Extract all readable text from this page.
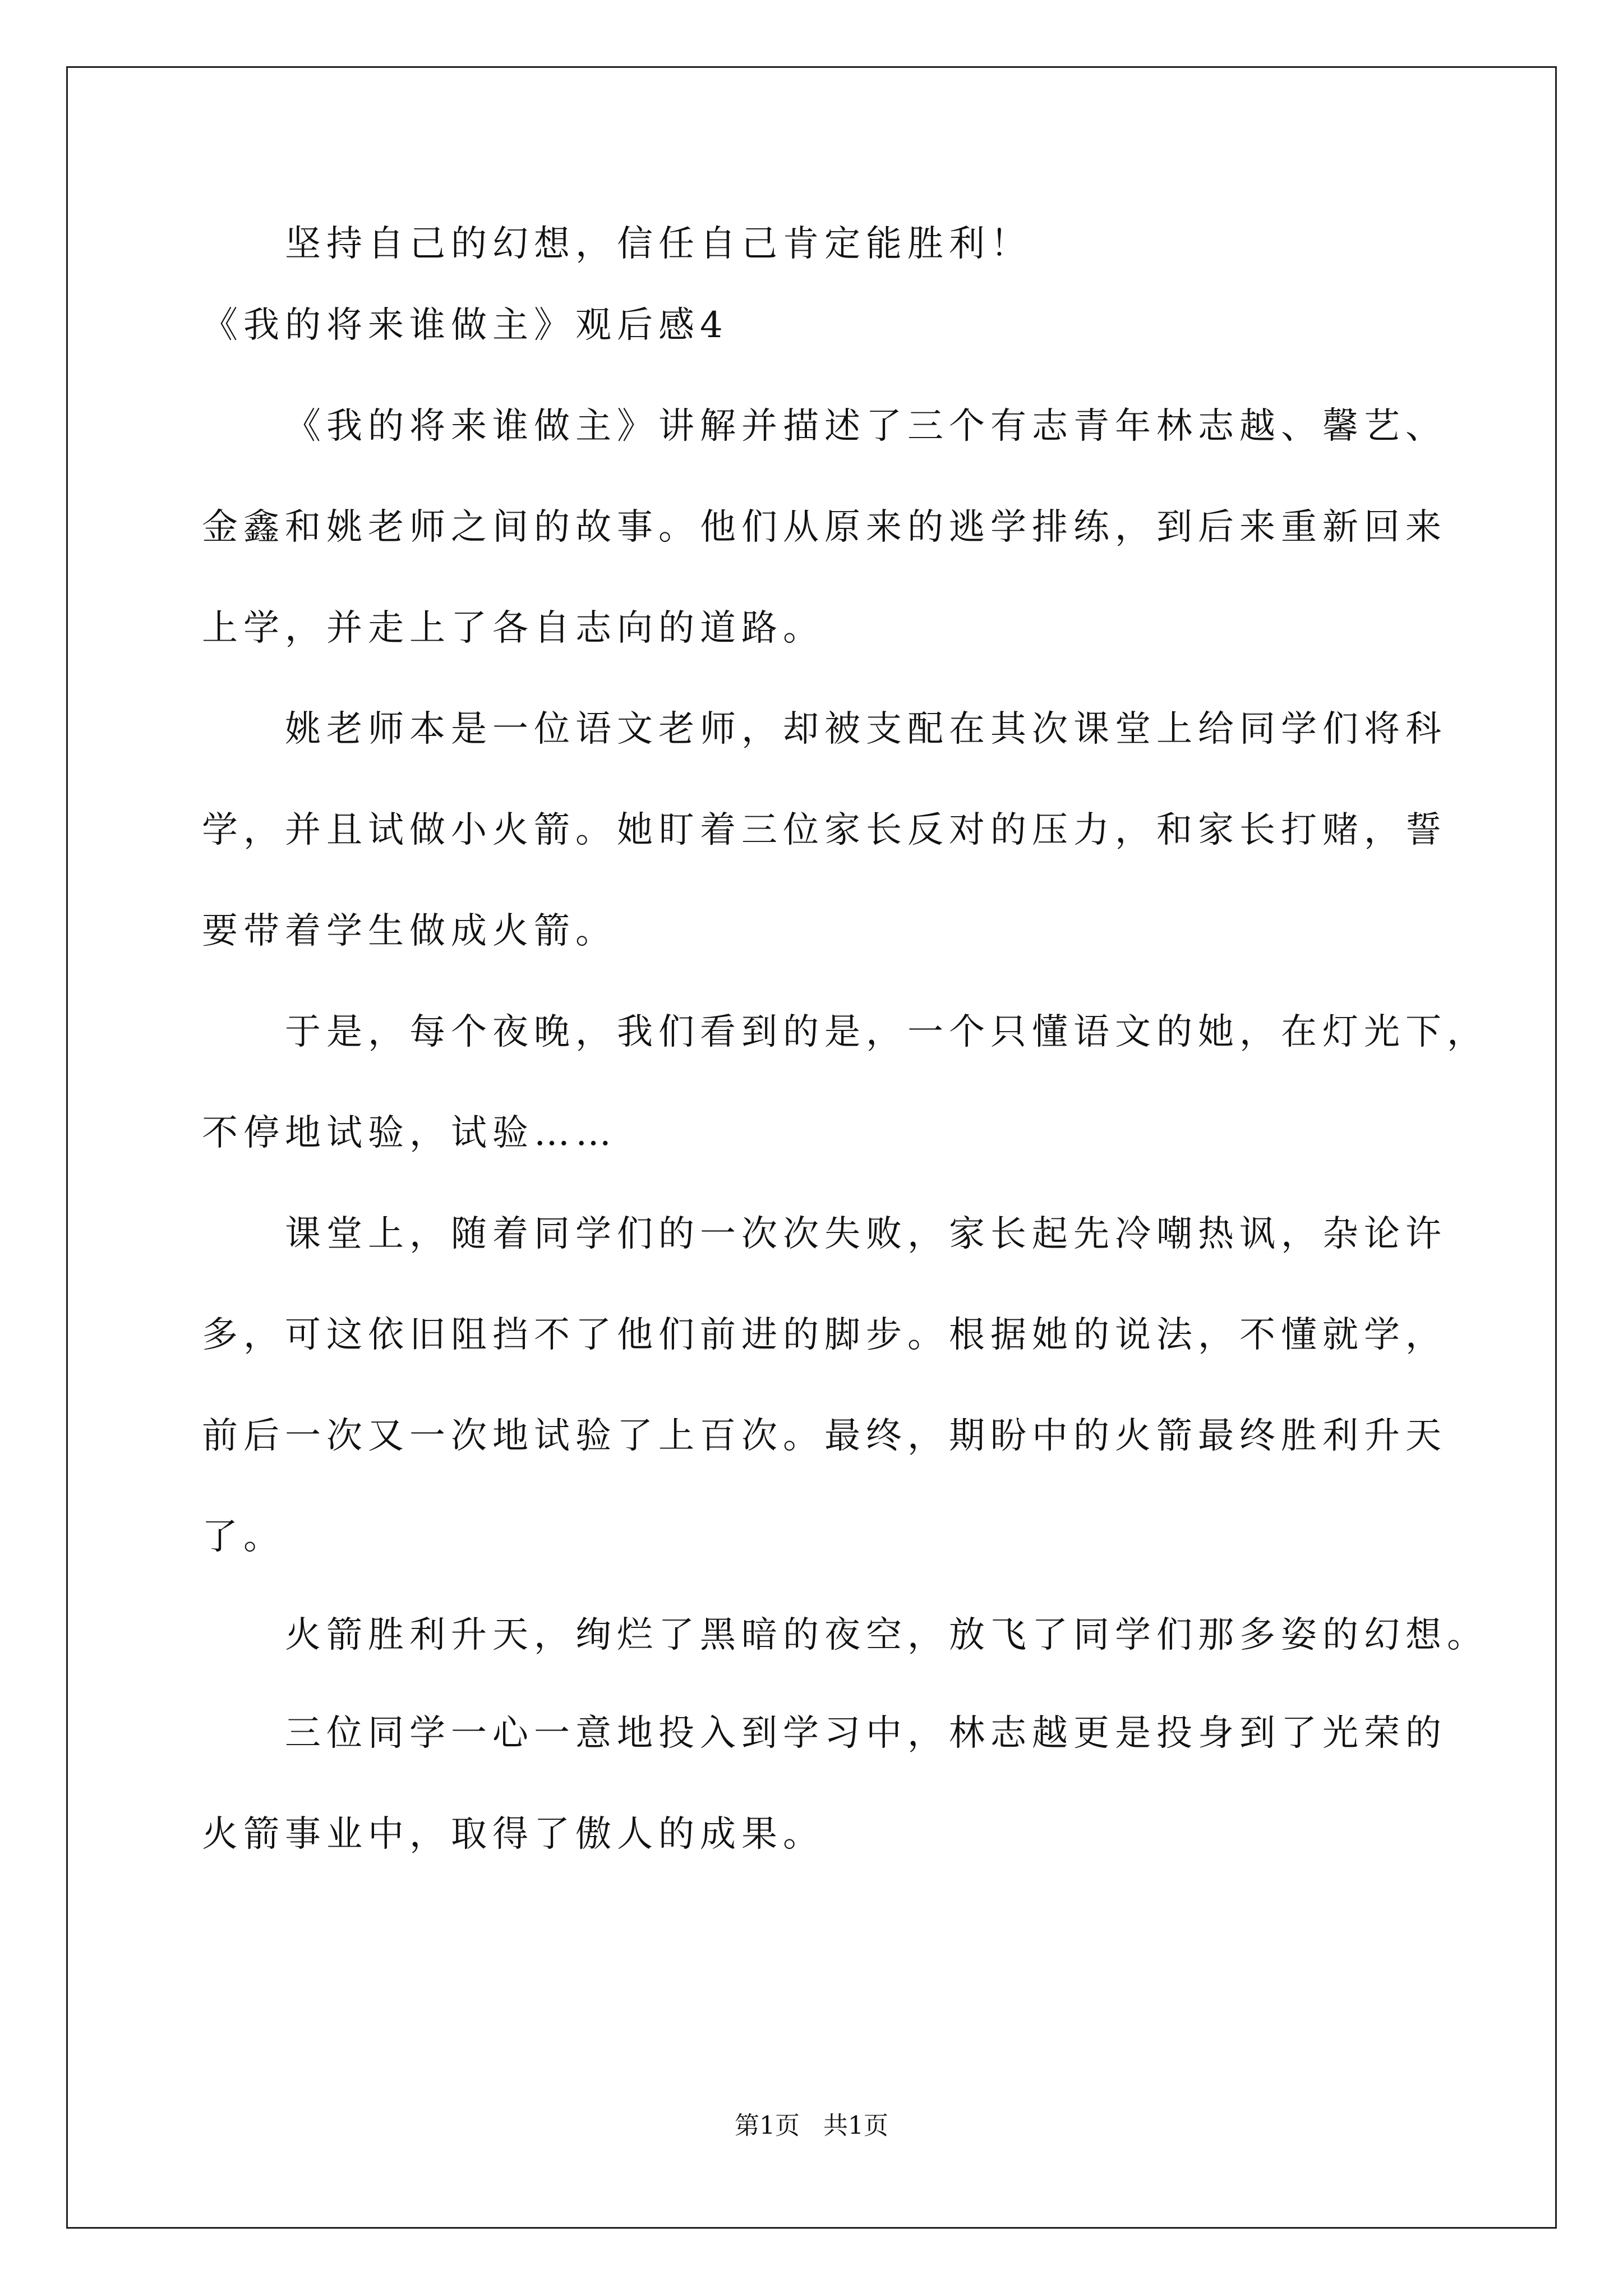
坚持自己的幻想，信任自己肯定能胜利！
《我的将来谁做主》观后感4
《我的将来谁做主》讲解并描述了三个有志青年林志越、馨艺、
金鑫和姚老师之间的故事。他们从原来的逃学排练，到后来重新回来
上学，并走上了各自志向的道路。
姚老师本是一位语文老师，却被支配在其次课堂上给同学们将科
学，并且试做小火箭。她盯着三位家长反对的压力，和家长打赌，誓
要带着学生做成火箭。
于是，每个夜晚，我们看到的是，一个只懂语文的她，在灯光下，
不停地试验，试验……
课堂上，随着同学们的一次次失败，家长起先冷嘲热讽，杂论许
多，可这依旧阻挡不了他们前进的脚步。根据她的说法，不懂就学，
前后一次又一次地试验了上百次。最终，期盼中的火箭最终胜利升天
了。
火箭胜利升天，绚烂了黑暗的夜空，放飞了同学们那多姿的幻想。
三位同学一心一意地投入到学习中，林志越更是投身到了光荣的
火箭事业中，取得了傲人的成果。
第1页 共1页
